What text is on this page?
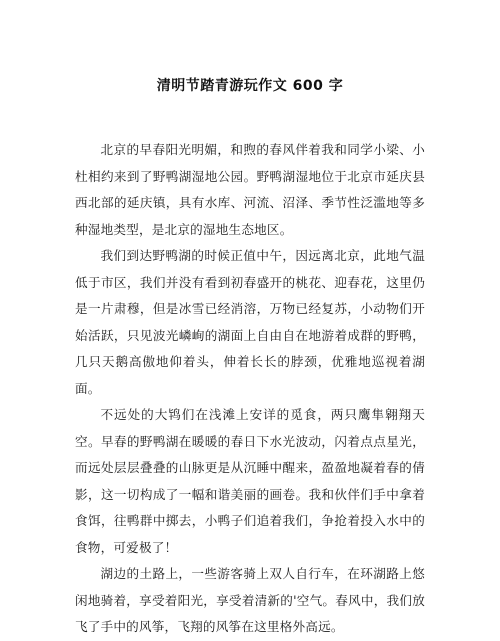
清明节踏青游玩作文 600 字

北京的早春阳光明媚，和煦的春风伴着我和同学小梁、小杜相约来到了野鸭湖湿地公园。野鸭湖湿地位于北京市延庆县西北部的延庆镇，具有水库、河流、沼泽、季节性泛滥地等多种湿地类型，是北京的湿地生态地区。

我们到达野鸭湖的时候正值中午，因远离北京，此地气温低于市区，我们并没有看到初春盛开的桃花、迎春花，这里仍是一片肃穆，但是冰雪已经消溶，万物已经复苏，小动物们开始活跃，只见波光嶙峋的湖面上自由自在地游着成群的野鸭，几只天鹅高傲地仰着头，伸着长长的脖颈，优雅地巡视着湖面。

不远处的大鸨们在浅滩上安详的觅食，两只鹰隼翱翔天空。早春的野鸭湖在暖暖的春日下水光波动，闪着点点星光，而远处层层叠叠的山脉更是从沉睡中醒来，盈盈地凝着春的倩影，这一切构成了一幅和谐美丽的画卷。我和伙伴们手中拿着食饵，往鸭群中掷去，小鸭子们追着我们，争抢着投入水中的食物，可爱极了！

湖边的土路上，一些游客骑上双人自行车，在环湖路上悠闲地骑着，享受着阳光，享受着清新的'空气。春风中，我们放飞了手中的风筝，飞翔的风筝在这里格外高远。
